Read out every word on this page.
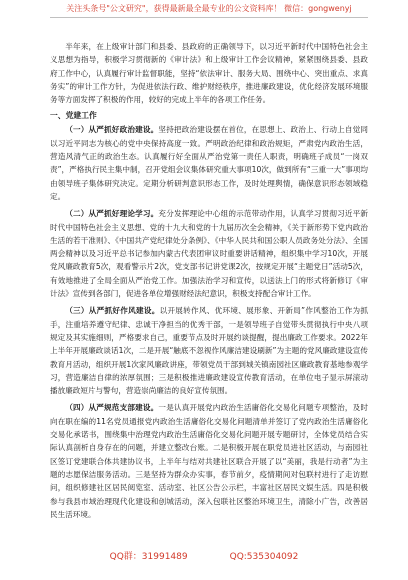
关注头条号"公文研究"，获得最新最全最专业的公文资料库！ 微信：gongwenyj

半年来，在上级审计部门和县委、县政府的正确领导下，以习近平新时代中国特色社会主义思想为指导，积极学习贯彻新的《审计法》和上级审计工作会议精神，紧紧围绕县委、县政府工作中心，认真履行审计监督职能，坚持“依法审计、服务大局、围绕中心、突出重点、求真务实”的审计工作方针，为促进依法行政、维护财经秩序，推进廉政建设，优化经济发展环境服务等方面发挥了积极的作用，较好的完成上半年的各项工作任务。

一、党建工作

（一）从严抓好政治建设。坚持把政治建设摆在首位，在思想上、政治上、行动上自觉同以习近平同志为核心的党中央保持高度一致。严明政治纪律和政治规矩，严肃党内政治生活，营造风清气正的政治生态。认真履行好全面从严治党第一责任人职责，明确班子成员“一岗双责”，严格执行民主集中制，召开党组会议集体研究重大事项10次，做到所有“三重一大”事项均由领导班子集体研究决定。定期分析研判意识形态工作，及时处理舆情，确保意识形态领域稳定。

（二）从严抓好理论学习。充分发挥理论中心组的示范带动作用，认真学习贯彻习近平新时代中国特色社会主义思想、党的十九大和党的十九届历次全会精神，《关于新形势下党内政治生活的若干准则》、《中国共产党纪律处分条例》、《中华人民共和国公职人员政务处分法》、全国两会精神以及习近平总书记参加内蒙古代表团审议时重要讲话精神，组织集中学习10次，开展党风廉政教育5次，观看警示片2次，党支部书记讲党课2次，按规定开展“主题党日”活动5次，有效地推进了全局全面从严治党工作。加强法治学习和宣传，以送法上门的形式将新修订《审计法》宣传到各部门，促进各单位增强财经法纪意识，积极支持配合审计工作。

（三）从严抓好作风建设。以开展转作风、优环境、展形象、开新局”作风整治工作为抓手，注重培养遵守纪律、忠诚干净担当的优秀干部，一是领导班子自觉带头贯彻执行中央八项规定及其实施细则，严格要求自己，重要节点及时开展约谈提醒，提出廉政工作要求。2022年上半年开展廉政谈话1次，二是开展“触底不忽视作风廉洁建设刷新”为主题的党风廉政建设宣传教育月活动，组织开展1次家风廉政讲座，带领党员干部到城关镇南园社区廉政教育基地参观学习，营造廉洁自律的浓厚氛围；三是积极推进廉政建设宣传教育活动，在单位电子显示屏滚动播放廉政短片与警句，营造崇尚廉洁的良好宣传氛围。

（四）从严规范支部建设。一是认真开展党内政治生活庸俗化交易化问题专项整治，及时向在职在编的11名党员通报党内政治生活庸俗化交易化问题清单并签订了党内政治生活庸俗化交易化承诺书，围绕集中治理党内政治生活庸俗化交易化问题开展专题研讨，全体党员结合实际认真剖析自身存在的问题，并建立整改台账。二是积极开展在职党员进社区活动，与南园社区签订党建联合体共建协议书，上半年与结对共建社区联合开展了以“美丽，我是行动者”为主题的志愿保洁服务活动。三是坚持为群众办实事，春节前夕，疫情期间对包联村进行了走访慰问，组织修建社区居民阅览室、活动室、社区公告公示栏，丰富社区居民文娱生活。四是积极参与我县市域治理现代化建设和创城活动，深入包联社区整治环境卫生，清除小广告，改善居民生活环境。

QQ群：31991489	QQ:535304092
